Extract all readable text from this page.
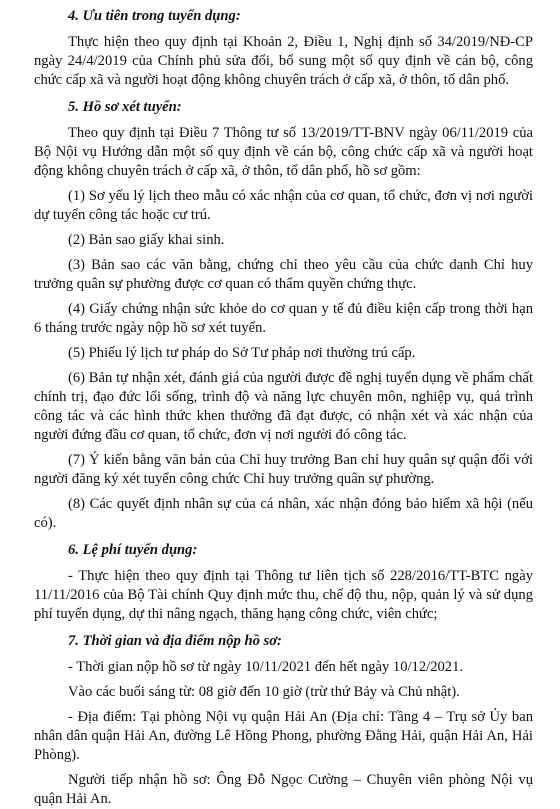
4. Ưu tiên trong tuyển dụng:
Thực hiện theo quy định tại Khoản 2, Điều 1, Nghị định số 34/2019/NĐ-CP ngày 24/4/2019 của Chính phủ sửa đổi, bổ sung một số quy định về cán bộ, công chức cấp xã và người hoạt động không chuyên trách ở cấp xã, ở thôn, tổ dân phố.
5. Hồ sơ xét tuyển:
Theo quy định tại Điều 7 Thông tư số 13/2019/TT-BNV ngày 06/11/2019 của Bộ Nội vụ Hướng dẫn một số quy định về cán bộ, công chức cấp xã và người hoạt động không chuyên trách ở cấp xã, ở thôn, tổ dân phố, hồ sơ gồm:
(1) Sơ yếu lý lịch theo mẫu có xác nhận của cơ quan, tổ chức, đơn vị nơi người dự tuyển công tác hoặc cư trú.
(2) Bản sao giấy khai sinh.
(3) Bản sao các văn bằng, chứng chỉ theo yêu cầu của chức danh Chỉ huy trưởng quân sự phường được cơ quan có thẩm quyền chứng thực.
(4) Giấy chứng nhận sức khỏe do cơ quan y tế đủ điều kiện cấp trong thời hạn 6 tháng trước ngày nộp hồ sơ xét tuyển.
(5) Phiếu lý lịch tư pháp do Sở Tư pháp nơi thường trú cấp.
(6) Bản tự nhận xét, đánh giá của người được đề nghị tuyển dụng về phẩm chất chính trị, đạo đức lối sống, trình độ và năng lực chuyên môn, nghiệp vụ, quá trình công tác và các hình thức khen thưởng đã đạt được, có nhận xét và xác nhận của người đứng đầu cơ quan, tổ chức, đơn vị nơi người đó công tác.
(7) Ý kiến bằng văn bản của Chỉ huy trưởng Ban chỉ huy quân sự quận đối với người đăng ký xét tuyển công chức Chỉ huy trưởng quân sự phường.
(8) Các quyết định nhân sự của cá nhân, xác nhận đóng bảo hiểm xã hội (nếu có).
6. Lệ phí tuyển dụng:
- Thực hiện theo quy định tại Thông tư liên tịch số 228/2016/TT-BTC ngày 11/11/2016 của Bộ Tài chính Quy định mức thu, chế độ thu, nộp, quản lý và sử dụng phí tuyển dụng, dự thi nâng ngạch, thăng hạng công chức, viên chức;
7. Thời gian và địa điểm nộp hồ sơ:
- Thời gian nộp hồ sơ từ ngày 10/11/2021 đến hết ngày 10/12/2021.
Vào các buổi sáng từ: 08 giờ đến 10 giờ (trừ thứ Bảy và Chủ nhật).
- Địa điểm: Tại phòng Nội vụ quận Hải An (Địa chỉ: Tầng 4 – Trụ sở Ủy ban nhân dân quận Hải An, đường Lê Hồng Phong, phường Đằng Hải, quận Hải An, Hải Phòng).
Người tiếp nhận hồ sơ: Ông Đỗ Ngọc Cường – Chuyên viên phòng Nội vụ quận Hải An.
